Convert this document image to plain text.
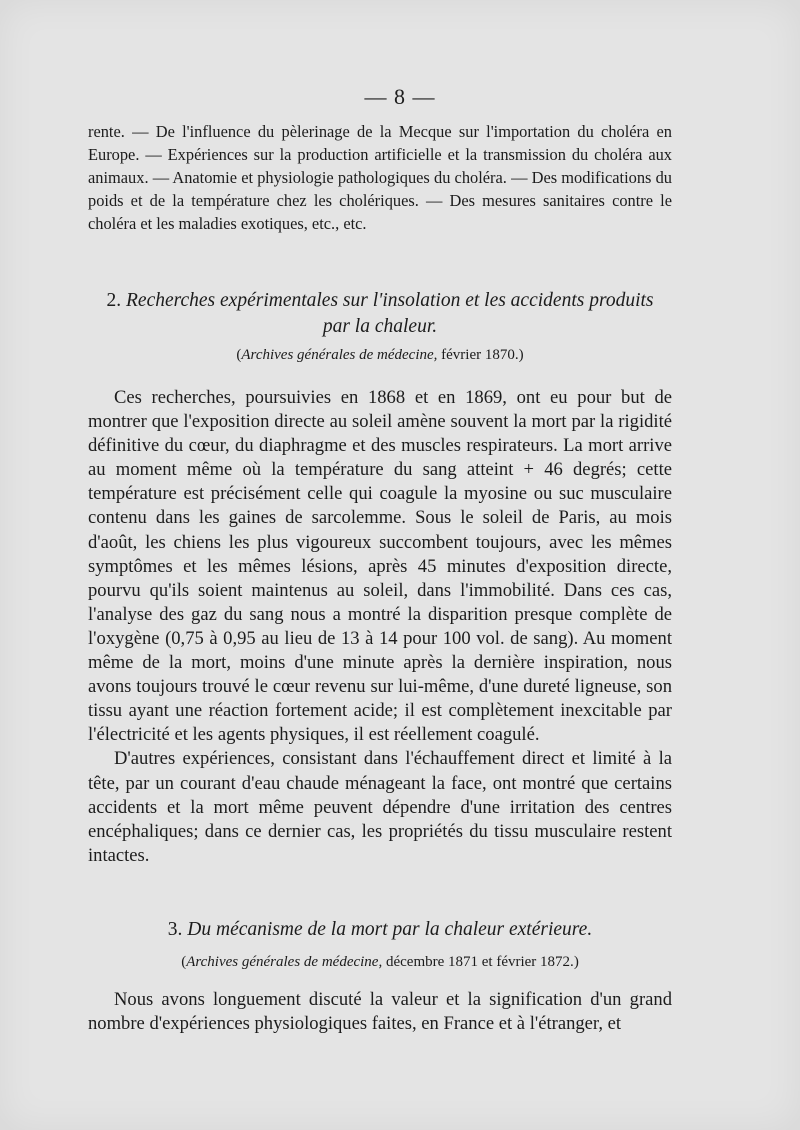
— 8 —
rente. — De l'influence du pèlerinage de la Mecque sur l'importation du choléra en Europe. — Expériences sur la production artificielle et la transmission du choléra aux animaux. — Anatomie et physiologie pathologiques du choléra. — Des modifications du poids et de la température chez les cholériques. — Des mesures sanitaires contre le choléra et les maladies exotiques, etc., etc.

2. Recherches expérimentales sur l'insolation et les accidents produits
par la chaleur.

(Archives générales de médecine, février 1870.)

Ces recherches, poursuivies en 1868 et en 1869, ont eu pour but de montrer que l'exposition directe au soleil amène souvent la mort par la rigidité définitive du cœur, du diaphragme et des muscles respirateurs. La mort arrive au moment même où la température du sang atteint + 46 degrés; cette température est précisément celle qui coagule la myosine ou suc musculaire contenu dans les gaines de sarcolemme. Sous le soleil de Paris, au mois d'août, les chiens les plus vigoureux succombent toujours, avec les mêmes symptômes et les mêmes lésions, après 45 minutes d'exposition directe, pourvu qu'ils soient maintenus au soleil, dans l'immobilité. Dans ces cas, l'analyse des gaz du sang nous a montré la disparition presque complète de l'oxygène (0,75 à 0,95 au lieu de 13 à 14 pour 100 vol. de sang). Au moment même de la mort, moins d'une minute après la dernière inspiration, nous avons toujours trouvé le cœur revenu sur lui-même, d'une dureté ligneuse, son tissu ayant une réaction fortement acide; il est complètement inexcitable par l'électricité et les agents physiques, il est réellement coagulé.

D'autres expériences, consistant dans l'échauffement direct et limité à la tête, par un courant d'eau chaude ménageant la face, ont montré que certains accidents et la mort même peuvent dépendre d'une irritation des centres encéphaliques; dans ce dernier cas, les propriétés du tissu musculaire restent intactes.

3. Du mécanisme de la mort par la chaleur extérieure.

(Archives générales de médecine, décembre 1871 et février 1872.)

Nous avons longuement discuté la valeur et la signification d'un grand nombre d'expériences physiologiques faites, en France et à l'étranger, et
